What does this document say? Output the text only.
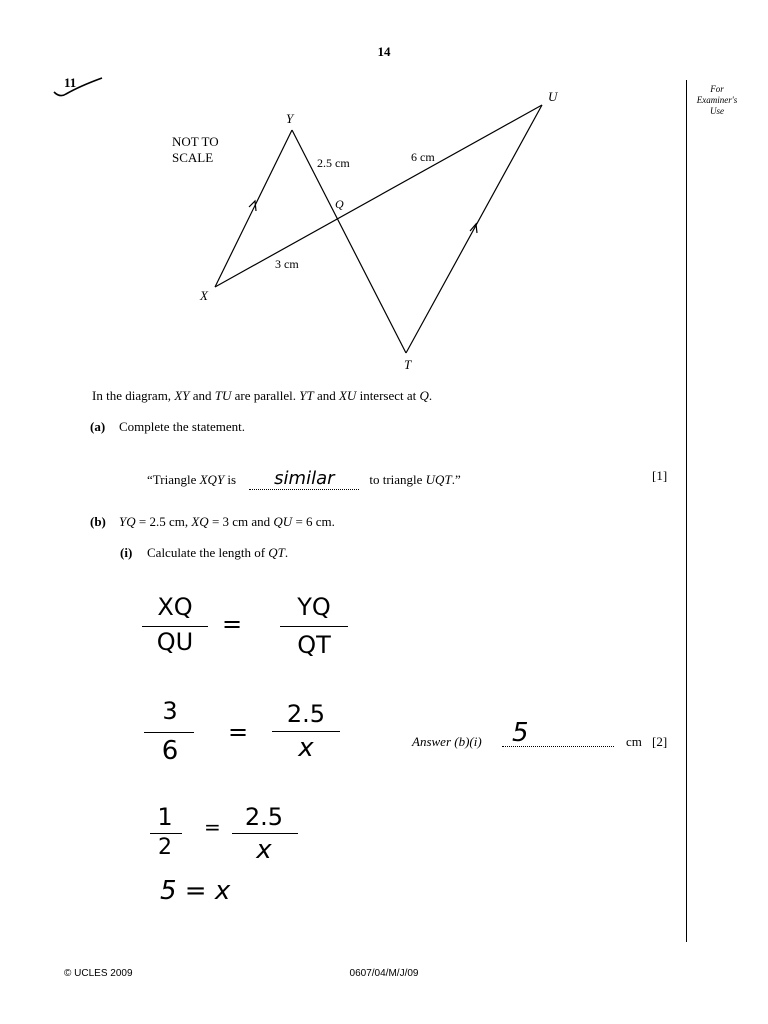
14
11	For
Examiner's
Use
NOT TO
SCALE
Y
X
U
T
Q
2.5 cm	6 cm
3 cm
In the diagram, XY and TU are parallel. YT and XU intersect at Q.
(a) Complete the statement.
“Triangle XQY is similar	to triangle UQT.”	[1]
(b) YQ = 2.5 cm, XQ = 3 cm and QU = 6 cm.
(i) Calculate the length of QT.
XQ
QU
=
YQ
QT
3
6
=
2.5
x
1
2
=	2.5
x
5 = x
Answer (b)(i) 5	cm [2]
© UCLES 2009	0607/04/M/J/09
